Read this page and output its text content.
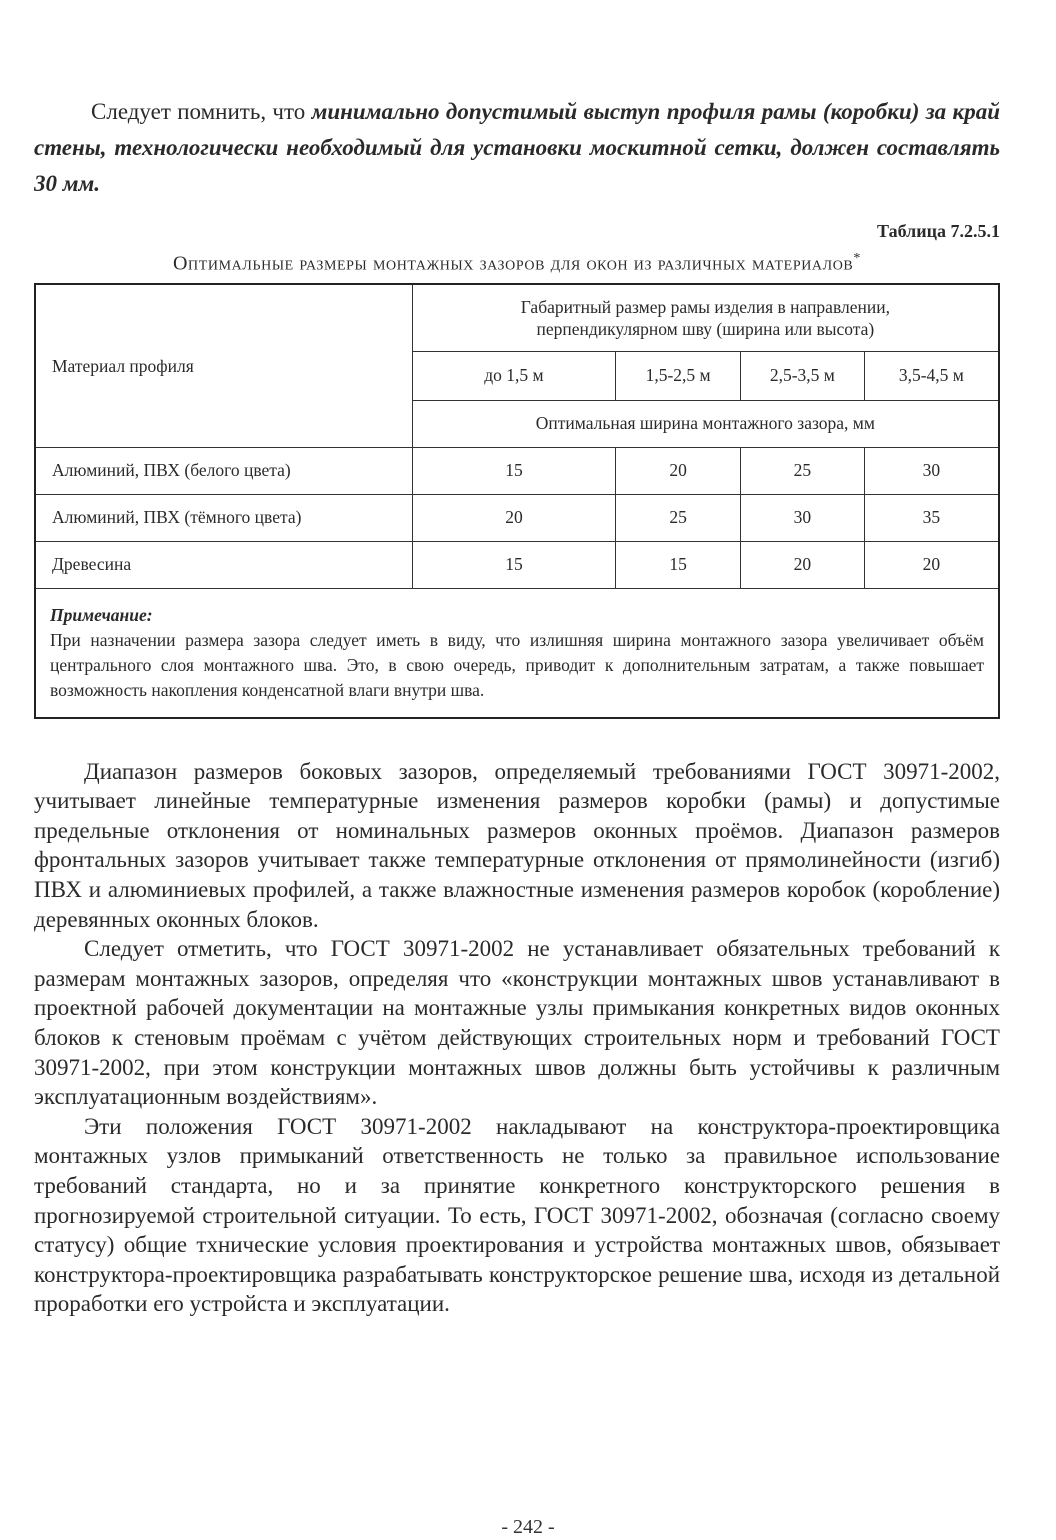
Следует помнить, что минимально допустимый выступ профиля рамы (коробки) за край стены, технологически необходимый для установки москитной сетки, должен составлять 30 мм.

Таблица 7.2.5.1
Оптимальные размеры монтажных зазоров для окон из различных материалов*
Материал профиля	Габаритный размер рамы изделия в направлении,
перпендикулярном шву (ширина или высота)			
	до 1,5 м	1,5-2,5 м	2,5-3,5 м	3,5-4,5 м
	Оптимальная ширина монтажного зазора, мм			
Алюминий, ПВХ (белого цвета)	15	20	25	30
Алюминий, ПВХ (тёмного цвета)	20	25	30	35
Древесина	15	15	20	20

Примечание:
При назначении размера зазора следует иметь в виду, что излишняя ширина монтажного зазора увеличивает объём центрального слоя монтажного шва. Это, в свою очередь, приводит к дополнительным затратам, а также повышает возможность накопления конденсатной влаги внутри шва.				

Диапазон размеров боковых зазоров, определяемый требованиями ГОСТ 30971-2002, учитывает линейные температурные изменения размеров коробки (рамы) и допустимые предельные отклонения от номинальных размеров оконных проёмов. Диапазон размеров фронтальных зазоров учитывает также температурные отклонения от прямолинейности (изгиб) ПВХ и алюминиевых профилей, а также влажностные изменения размеров коробок (коробление) деревянных оконных блоков.

Следует отметить, что ГОСТ 30971-2002 не устанавливает обязательных требований к размерам монтажных зазоров, определяя что «конструкции монтажных швов устанавливают в проектной рабочей документации на монтажные узлы примыкания конкретных видов оконных блоков к стеновым проёмам с учётом действующих строительных норм и требований ГОСТ 30971-2002, при этом конструкции монтажных швов должны быть устойчивы к различным эксплуатационным воздействиям».

Эти положения ГОСТ 30971-2002 накладывают на конструктора-проектировщика монтажных узлов примыканий ответственность не только за правильное использование требований стандарта, но и за принятие конкретного конструкторского решения в прогнозируемой строительной ситуации. То есть, ГОСТ 30971-2002, обозначая (согласно своему статусу) общие тхнические условия проектирования и устройства монтажных швов, обязывает конструктора-проектировщика разрабатывать конструкторское решение шва, исходя из детальной проработки его устройста и эксплуатации.

- 242 -
